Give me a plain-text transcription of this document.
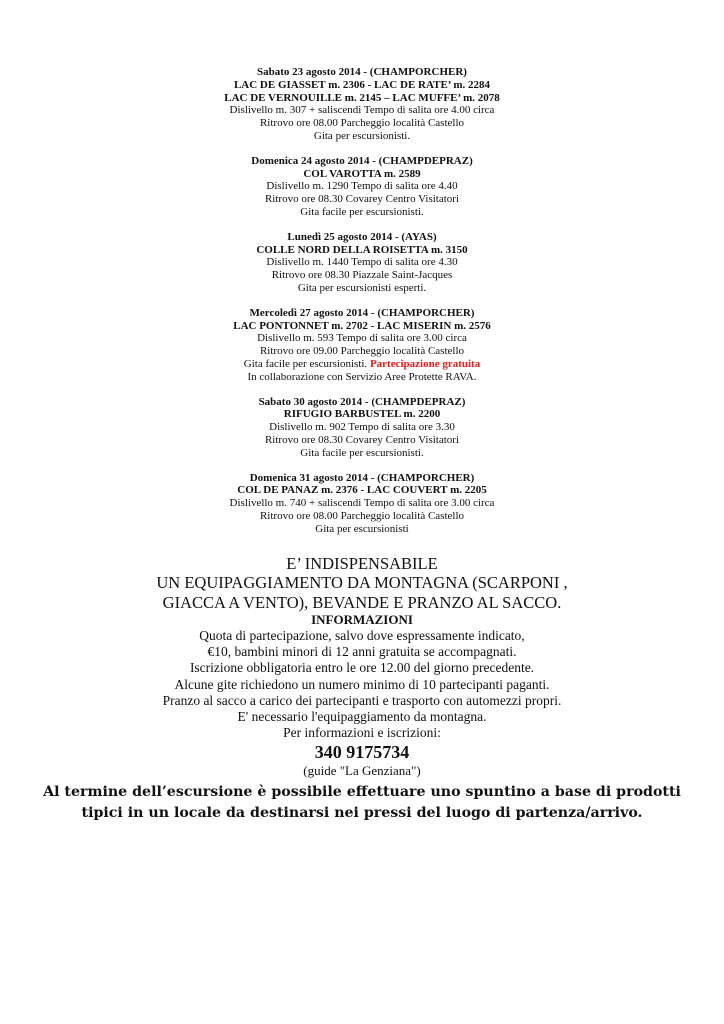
Sabato 23 agosto 2014 - (CHAMPORCHER)
LAC DE GIASSET m. 2306 - LAC DE RATE’ m. 2284
LAC DE VERNOUILLE m. 2145 – LAC MUFFE’ m. 2078
Dislivello m. 307 + saliscendi Tempo di salita ore 4.00 circa
Ritrovo ore 08.00 Parcheggio località Castello
Gita per escursionisti.
Domenica 24 agosto 2014 - (CHAMPDEPRAZ)
COL VAROTTA m. 2589
Dislivello m. 1290 Tempo di salita ore 4.40
Ritrovo ore 08.30 Covarey Centro Visitatori
Gita facile per escursionisti.
Lunedì 25 agosto 2014 - (AYAS)
COLLE NORD DELLA ROISETTA m. 3150
Dislivello m. 1440 Tempo di salita ore 4.30
Ritrovo ore 08.30 Piazzale Saint-Jacques
Gita per escursionisti esperti.
Mercoledì 27 agosto 2014 - (CHAMPORCHER)
LAC PONTONNET m. 2702 - LAC MISERIN m. 2576
Dislivello m. 593 Tempo di salita ore 3.00 circa
Ritrovo ore 09.00 Parcheggio località Castello
Gita facile per escursionisti. Partecipazione gratuita
In collaborazione con Servizio Aree Protette RAVA.
Sabato 30 agosto 2014 - (CHAMPDEPRAZ)
RIFUGIO BARBUSTEL m. 2200
Dislivello m. 902 Tempo di salita ore 3.30
Ritrovo ore 08.30 Covarey Centro Visitatori
Gita facile per escursionisti.
Domenica 31 agosto 2014 - (CHAMPORCHER)
COL DE PANAZ m. 2376 - LAC COUVERT m. 2205
Dislivello m. 740 + saliscendi Tempo di salita ore 3.00 circa
Ritrovo ore 08.00 Parcheggio località Castello
Gita per escursionisti

E’ INDISPENSABILE

UN EQUIPAGGIAMENTO DA MONTAGNA (SCARPONI ,

GIACCA A VENTO), BEVANDE E PRANZO AL SACCO.

INFORMAZIONI

Quota di partecipazione, salvo dove espressamente indicato,

€10, bambini minori di 12 anni gratuita se accompagnati.

Iscrizione obbligatoria entro le ore 12.00 del giorno precedente.

Alcune gite richiedono un numero minimo di 10 partecipanti paganti.

Pranzo al sacco a carico dei partecipanti e trasporto con automezzi propri.

E' necessario l'equipaggiamento da montagna.

Per informazioni e iscrizioni:

340 9175734

(guide "La Genziana")

Al termine dell’escursione è possibile effettuare uno spuntino a base di prodotti
tipici in un locale da destinarsi nei pressi del luogo di partenza/arrivo.
